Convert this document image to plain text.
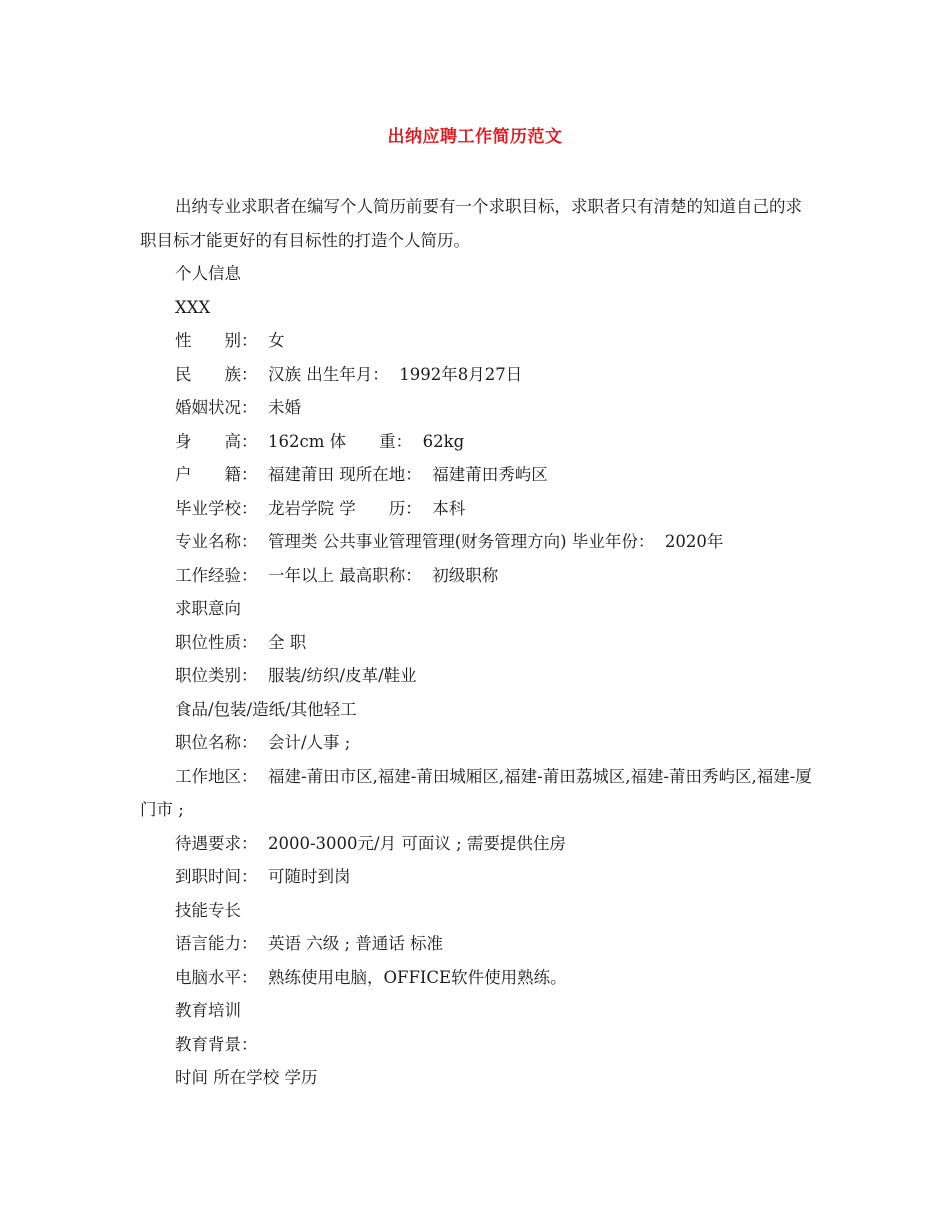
出纳应聘工作简历范文

出纳专业求职者在编写个人简历前要有一个求职目标，求职者只有清楚的知道自己的求职目标才能更好的有目标性的打造个人简历。

个人信息

XXX

性　　别：  女

民　　族：  汉族 出生年月：  1992年8月27日

婚姻状况：  未婚

身　　高：  162cm 体　　重：  62kg

户　　籍：  福建莆田 现所在地：  福建莆田秀屿区

毕业学校：  龙岩学院 学　　历：  本科

专业名称：  管理类 公共事业管理管理(财务管理方向) 毕业年份：  2020年

工作经验：  一年以上 最高职称：  初级职称

求职意向

职位性质：  全 职

职位类别：  服装/纺织/皮革/鞋业

食品/包装/造纸/其他轻工

职位名称：  会计/人事 ;

工作地区：  福建-莆田市区,福建-莆田城厢区,福建-莆田荔城区,福建-莆田秀屿区,福建-厦门市 ;

待遇要求：  2000-3000元/月 可面议 ; 需要提供住房

到职时间：  可随时到岗

技能专长

语言能力：  英语 六级 ; 普通话 标准

电脑水平：  熟练使用电脑，OFFICE软件使用熟练。

教育培训

教育背景：

时间 所在学校 学历
